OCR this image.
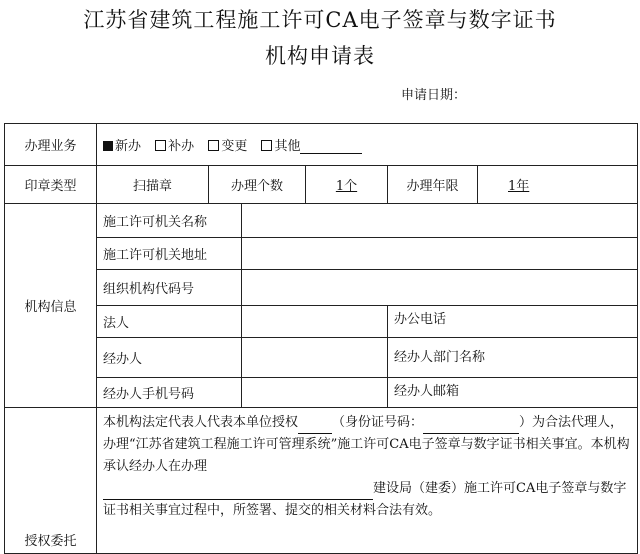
江苏省建筑工程施工许可CA电子签章与数字证书
机构申请表
申请日期：
办理业务	新办 补办 变更 其他						
印章类型	扫描章	办理个数		1个	办理年限	1年	
机构信息	施工许可机关名称						
	施工许可机关地址						
	组织机构代码号						
	法人				办公电话		
	经办人				经办人部门名称		
	经办人手机号码				经办人邮箱		
授权委托	本机构法定代表人代表本单位授权 （身份证号码： ）为合法代理人，办理“江苏省建筑工程施工许可管理系统”施工许可CA电子签章与数字证书相关事宜。本机构承认经办人在办理
建设局（建委）施工许可CA电子签章与数字证书相关事宜过程中，所签署、提交的相关材料合法有效。						
